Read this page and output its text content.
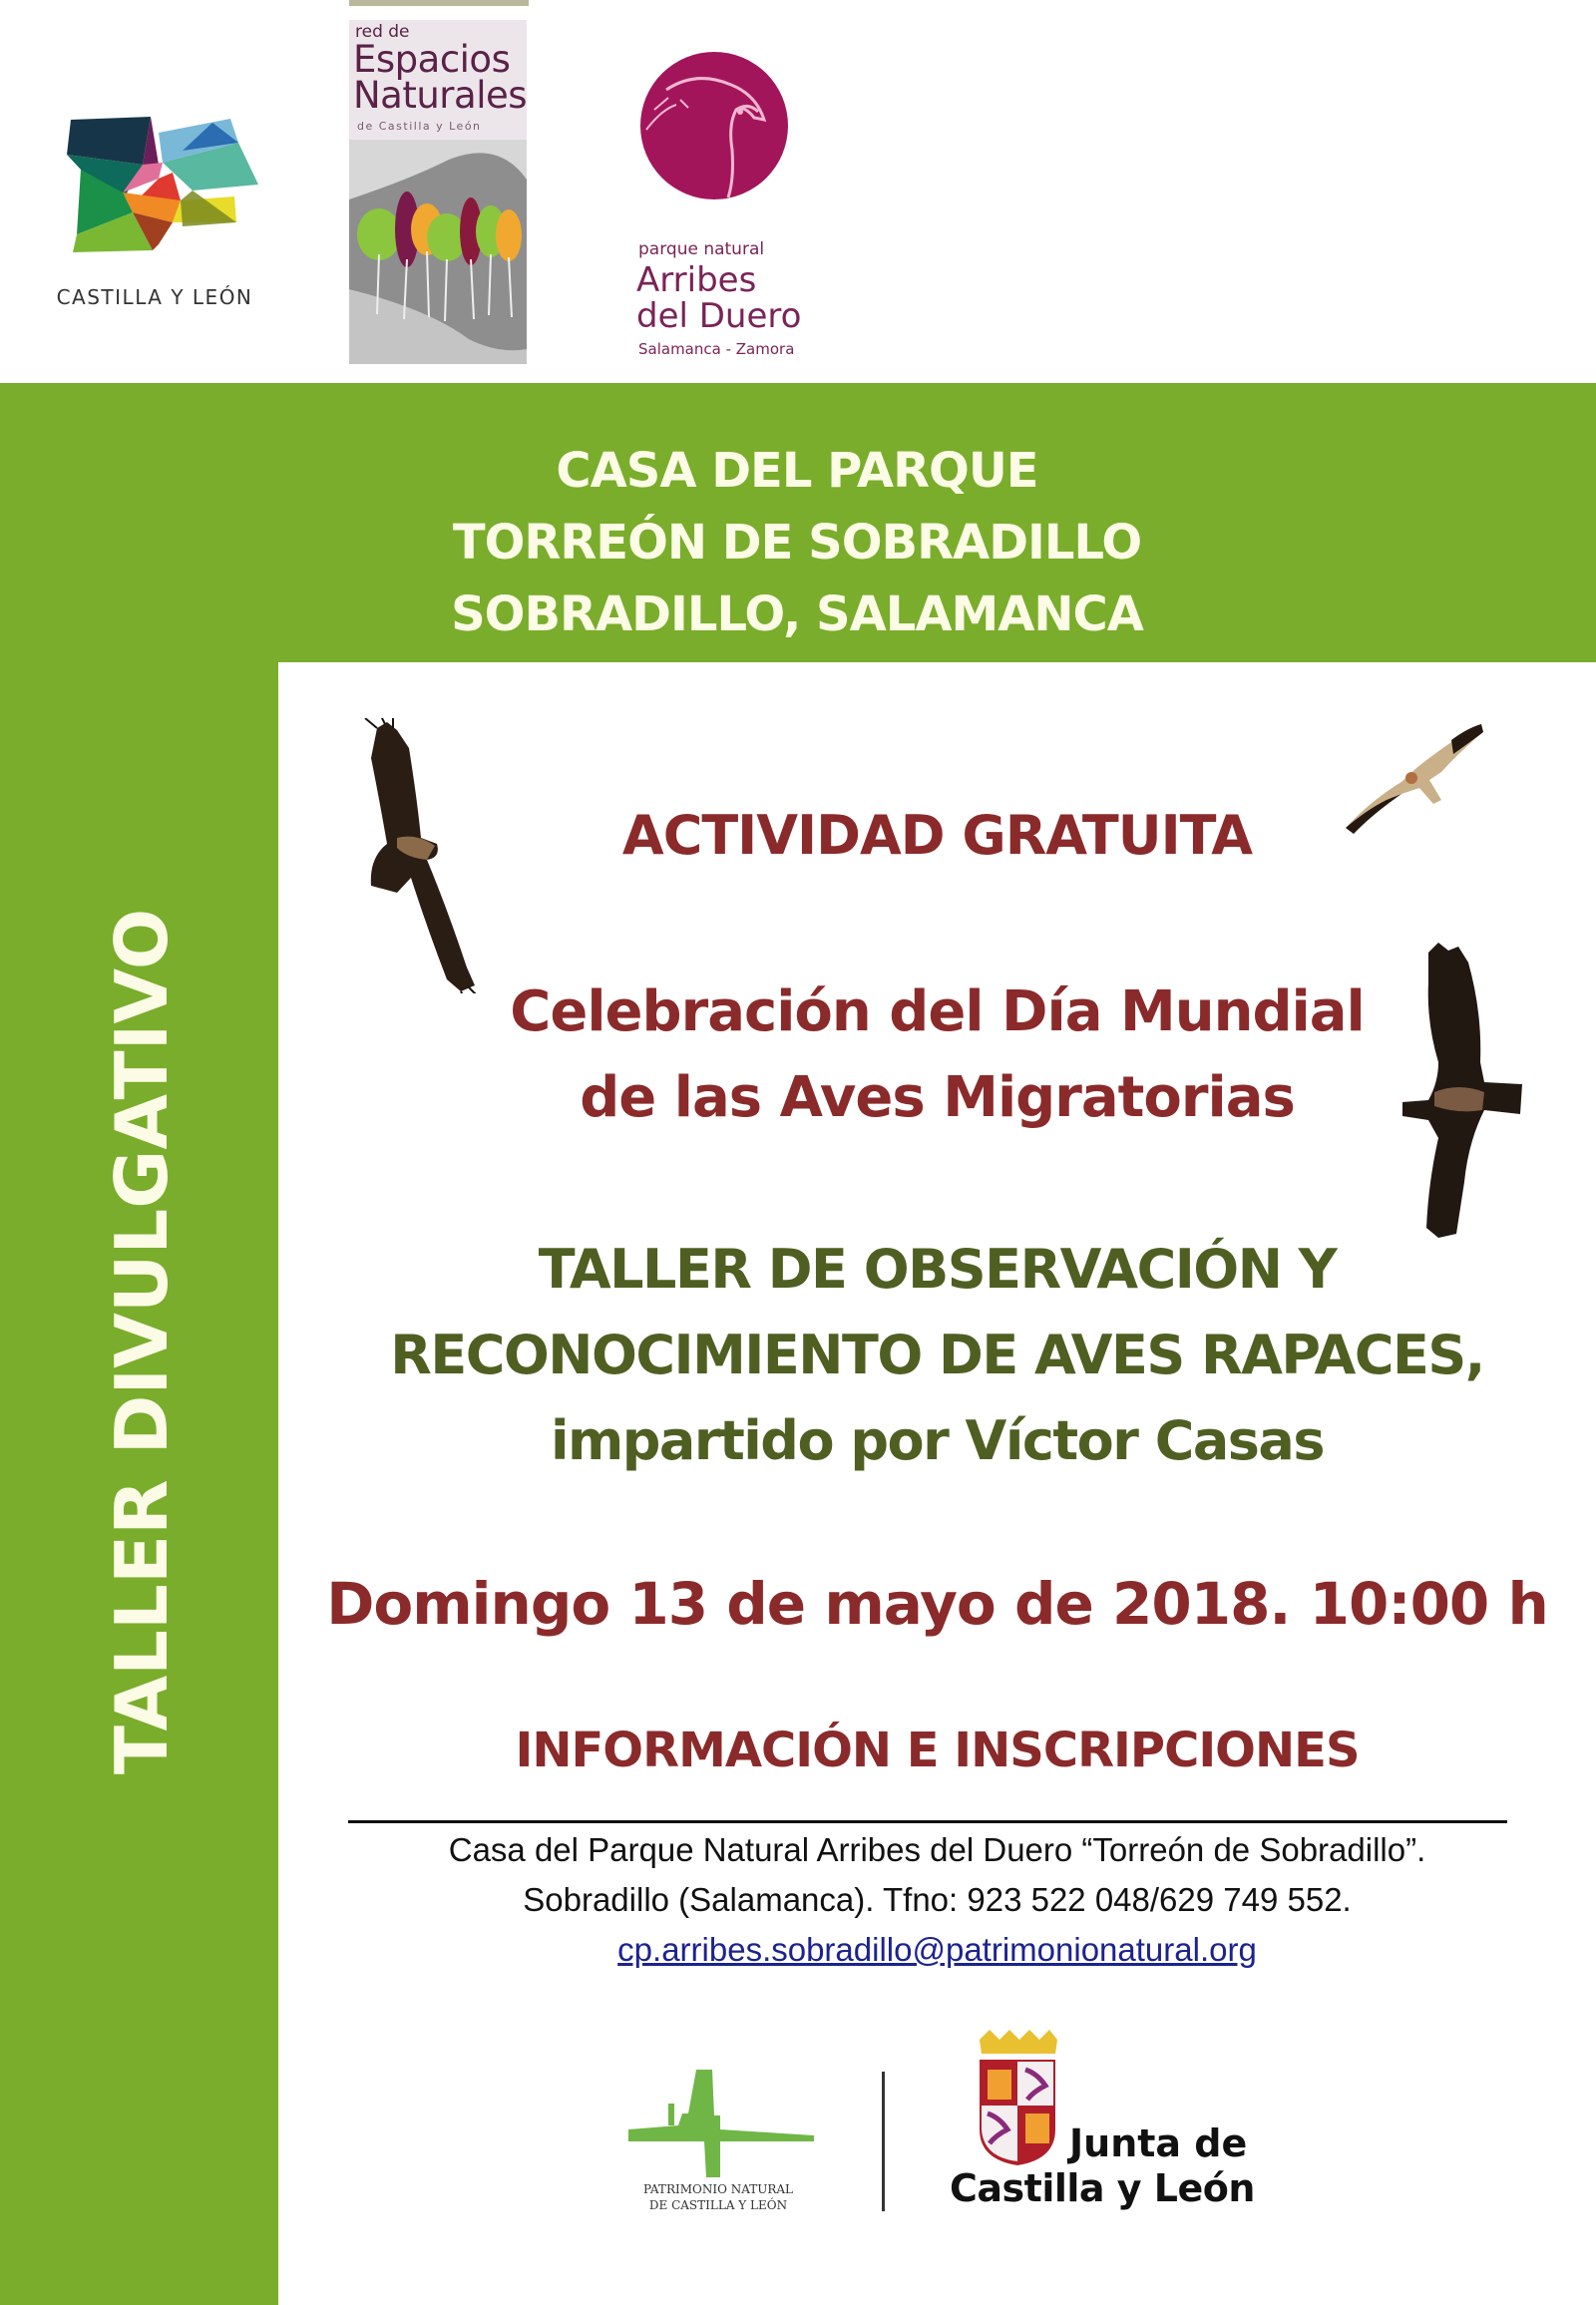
CASTILLA Y LEÓN
red de
Espacios
Naturales
de Castilla y León
parque natural
Arribes
del Duero
Salamanca - Zamora
CASA DEL PARQUE
TORREÓN DE SOBRADILLO
SOBRADILLO, SALAMANCA
TALLER DIVULGATIVO
ACTIVIDAD GRATUITA
Celebración del Día Mundial
de las Aves Migratorias
TALLER DE OBSERVACIÓN Y
RECONOCIMIENTO DE AVES RAPACES,
impartido por Víctor Casas
Domingo 13 de mayo de 2018. 10:00 h
INFORMACIÓN E INSCRIPCIONES
Casa del Parque Natural Arribes del Duero “Torreón de Sobradillo”.
Sobradillo (Salamanca). Tfno: 923 522 048/629 749 552.
cp.arribes.sobradillo@patrimonionatural.org
PATRIMONIO NATURAL
DE CASTILLA Y LEÓN
Junta de
Castilla y León
